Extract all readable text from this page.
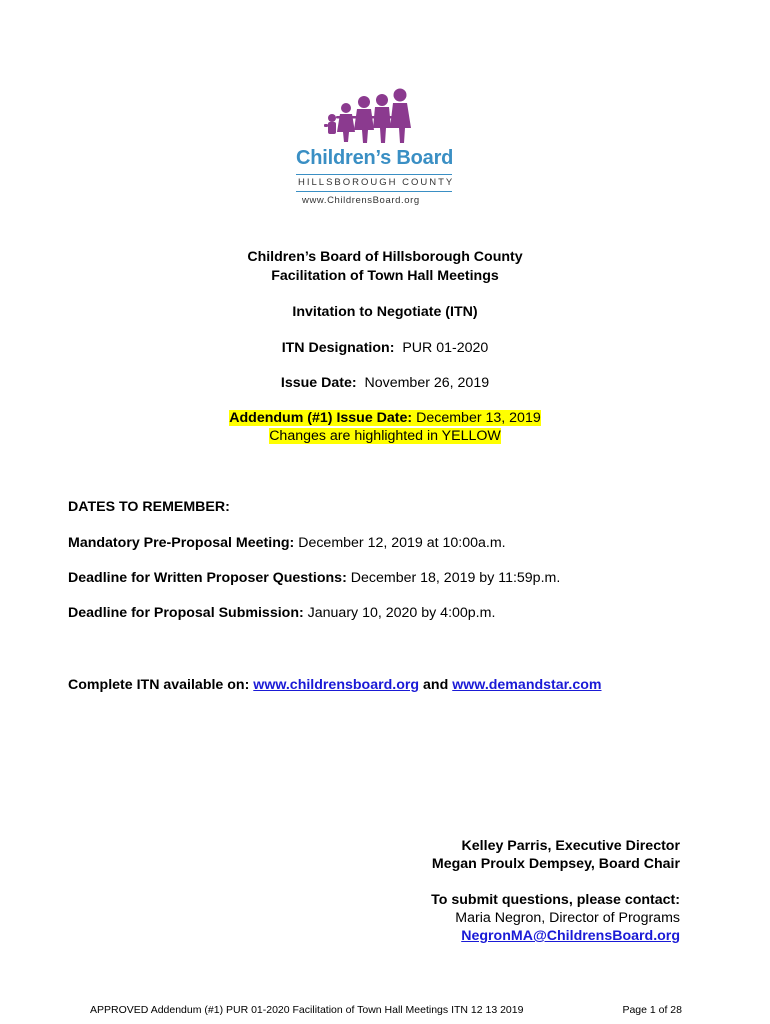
Children’s Board
HILLSBOROUGH COUNTY
www.ChildrensBoard.org
Children’s Board of Hillsborough County
Facilitation of Town Hall Meetings
Invitation to Negotiate (ITN)
ITN Designation: PUR 01-2020
Issue Date: November 26, 2019
Addendum (#1) Issue Date: December 13, 2019
Changes are highlighted in YELLOW
DATES TO REMEMBER:
Mandatory Pre-Proposal Meeting: December 12, 2019 at 10:00a.m.
Deadline for Written Proposer Questions: December 18, 2019 by 11:59p.m.
Deadline for Proposal Submission: January 10, 2020 by 4:00p.m.
Complete ITN available on: www.childrensboard.org and www.demandstar.com
Kelley Parris, Executive Director
Megan Proulx Dempsey, Board Chair
To submit questions, please contact:
Maria Negron, Director of Programs
NegronMA@ChildrensBoard.org
APPROVED Addendum (#1) PUR 01-2020 Facilitation of Town Hall Meetings ITN 12 13 2019	Page 1 of 28
